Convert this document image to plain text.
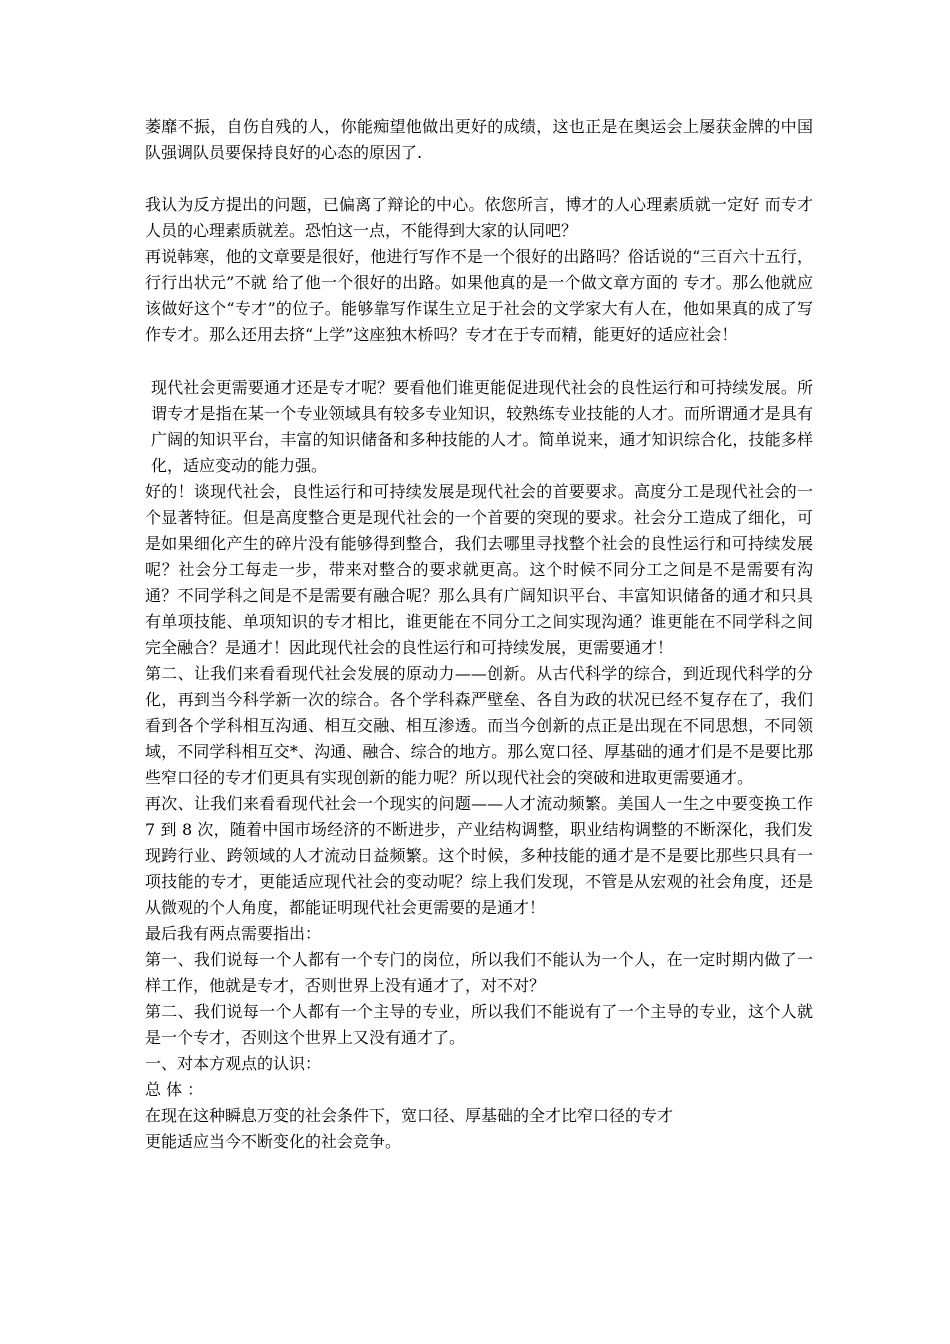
萎靡不振，自伤自残的人，你能痴望他做出更好的成绩，这也正是在奥运会上屡获金牌的中国队强调队员要保持良好的心态的原因了.

我认为反方提出的问题，已偏离了辩论的中心。依您所言，博才的人心理素质就一定好 而专才人员的心理素质就差。恐怕这一点，不能得到大家的认同吧？

再说韩寒，他的文章要是很好，他进行写作不是一个很好的出路吗？俗话说的“三百六十五行，行行出状元”不就 给了他一个很好的出路。如果他真的是一个做文章方面的 专才。那么他就应该做好这个“专才”的位子。能够靠写作谋生立足于社会的文学家大有人在，他如果真的成了写作专才。那么还用去挤“上学”这座独木桥吗？专才在于专而精，能更好的适应社会！

现代社会更需要通才还是专才呢？要看他们谁更能促进现代社会的良性运行和可持续发展。所谓专才是指在某一个专业领域具有较多专业知识，较熟练专业技能的人才。而所谓通才是具有广阔的知识平台，丰富的知识储备和多种技能的人才。简单说来，通才知识综合化，技能多样化，适应变动的能力强。

好的！谈现代社会，良性运行和可持续发展是现代社会的首要要求。高度分工是现代社会的一个显著特征。但是高度整合更是现代社会的一个首要的突现的要求。社会分工造成了细化，可是如果细化产生的碎片没有能够得到整合，我们去哪里寻找整个社会的良性运行和可持续发展呢？社会分工每走一步，带来对整合的要求就更高。这个时候不同分工之间是不是需要有沟通？不同学科之间是不是需要有融合呢？那么具有广阔知识平台、丰富知识储备的通才和只具有单项技能、单项知识的专才相比，谁更能在不同分工之间实现沟通？谁更能在不同学科之间完全融合？是通才！因此现代社会的良性运行和可持续发展，更需要通才！

第二、让我们来看看现代社会发展的原动力——创新。从古代科学的综合，到近现代科学的分化，再到当今科学新一次的综合。各个学科森严壁垒、各自为政的状况已经不复存在了，我们看到各个学科相互沟通、相互交融、相互渗透。而当今创新的点正是出现在不同思想，不同领域，不同学科相互交*、沟通、融合、综合的地方。那么宽口径、厚基础的通才们是不是要比那些窄口径的专才们更具有实现创新的能力呢？所以现代社会的突破和进取更需要通才。

再次、让我们来看看现代社会一个现实的问题——人才流动频繁。美国人一生之中要变换工作 7 到 8 次，随着中国市场经济的不断进步，产业结构调整，职业结构调整的不断深化，我们发现跨行业、跨领域的人才流动日益频繁。这个时候，多种技能的通才是不是要比那些只具有一项技能的专才，更能适应现代社会的变动呢？综上我们发现，不管是从宏观的社会角度，还是从微观的个人角度，都能证明现代社会更需要的是通才！

最后我有两点需要指出：

第一、我们说每一个人都有一个专门的岗位，所以我们不能认为一个人，在一定时期内做了一样工作，他就是专才，否则世界上没有通才了，对不对？

第二、我们说每一个人都有一个主导的专业，所以我们不能说有了一个主导的专业，这个人就是一个专才，否则这个世界上又没有通才了。

一、对本方观点的认识：

总 体 ：

在现在这种瞬息万变的社会条件下，宽口径、厚基础的全才比窄口径的专才

更能适应当今不断变化的社会竞争。
